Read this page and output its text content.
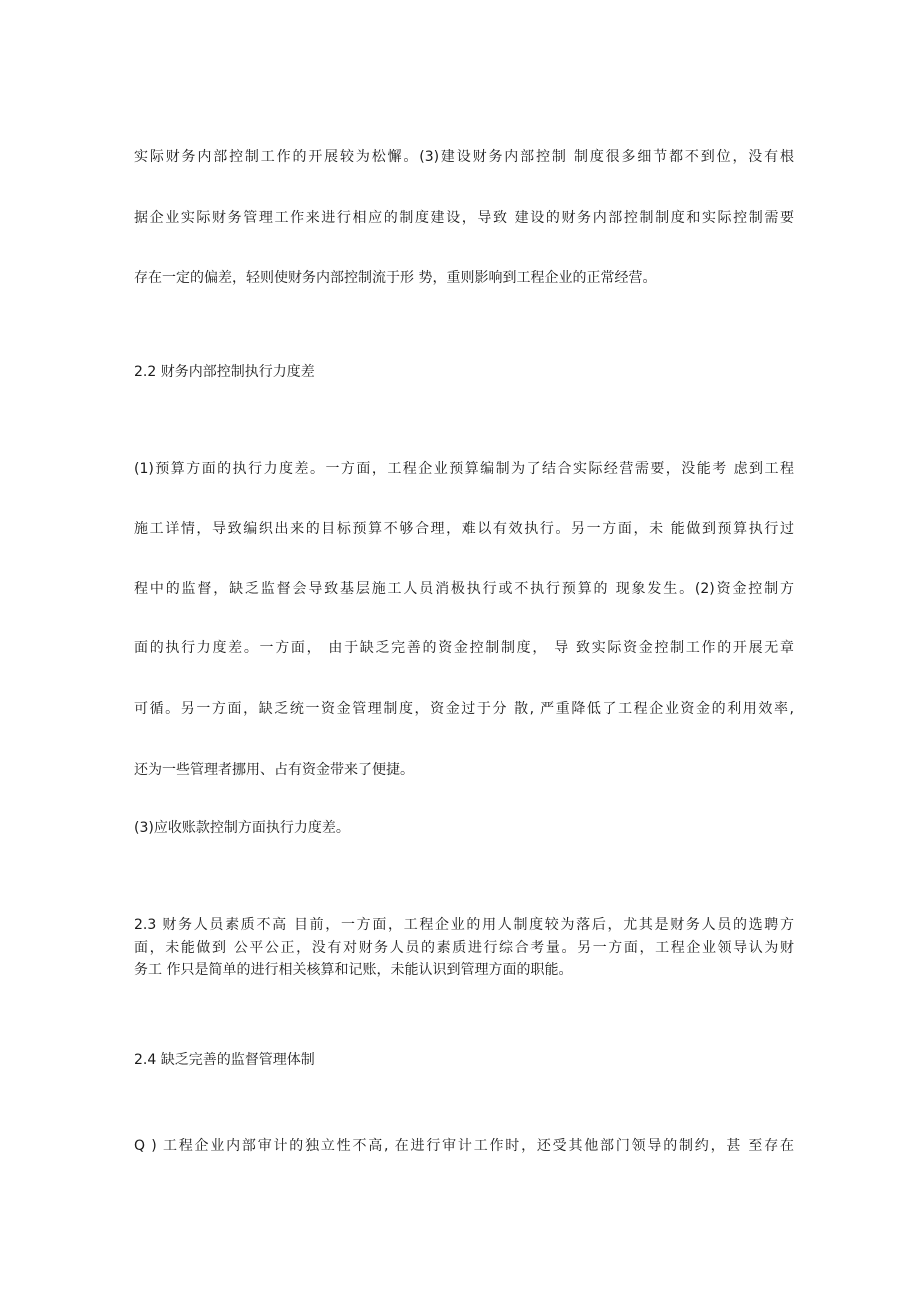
实际财务内部控制工作的开展较为松懈。(3)建设财务内部控制 制度很多细节都不到位，没有根
据企业实际财务管理工作来进行相应的制度建设，导致 建设的财务内部控制制度和实际控制需要
存在一定的偏差，轻则使财务内部控制流于形 势，重则影响到工程企业的正常经营。
2.2 财务内部控制执行力度差
(1)预算方面的执行力度差。一方面，工程企业预算编制为了结合实际经营需要，没能考 虑到工程
施工详情，导致编织出来的目标预算不够合理，难以有效执行。另一方面，未 能做到预算执行过
程中的监督，缺乏监督会导致基层施工人员消极执行或不执行预算的 现象发生。(2)资金控制方
面的执行力度差。一方面， 由于缺乏完善的资金控制制度， 导 致实际资金控制工作的开展无章
可循。另一方面，缺乏统一资金管理制度，资金过于分 散, 严重降低了工程企业资金的利用效率,
还为一些管理者挪用、占有资金带来了便捷。
(3)应收账款控制方面执行力度差。
2.3 财务人员素质不高 目前，一方面，工程企业的用人制度较为落后，尤其是财务人员的选聘方
面，未能做到 公平公正，没有对财务人员的素质进行综合考量。另一方面，工程企业领导认为财
务工 作只是简单的进行相关核算和记账，未能认识到管理方面的职能。
2.4 缺乏完善的监督管理体制
Q ) 工程企业内部审计的独立性不高, 在进行审计工作时，还受其他部门领导的制约，甚 至存在
